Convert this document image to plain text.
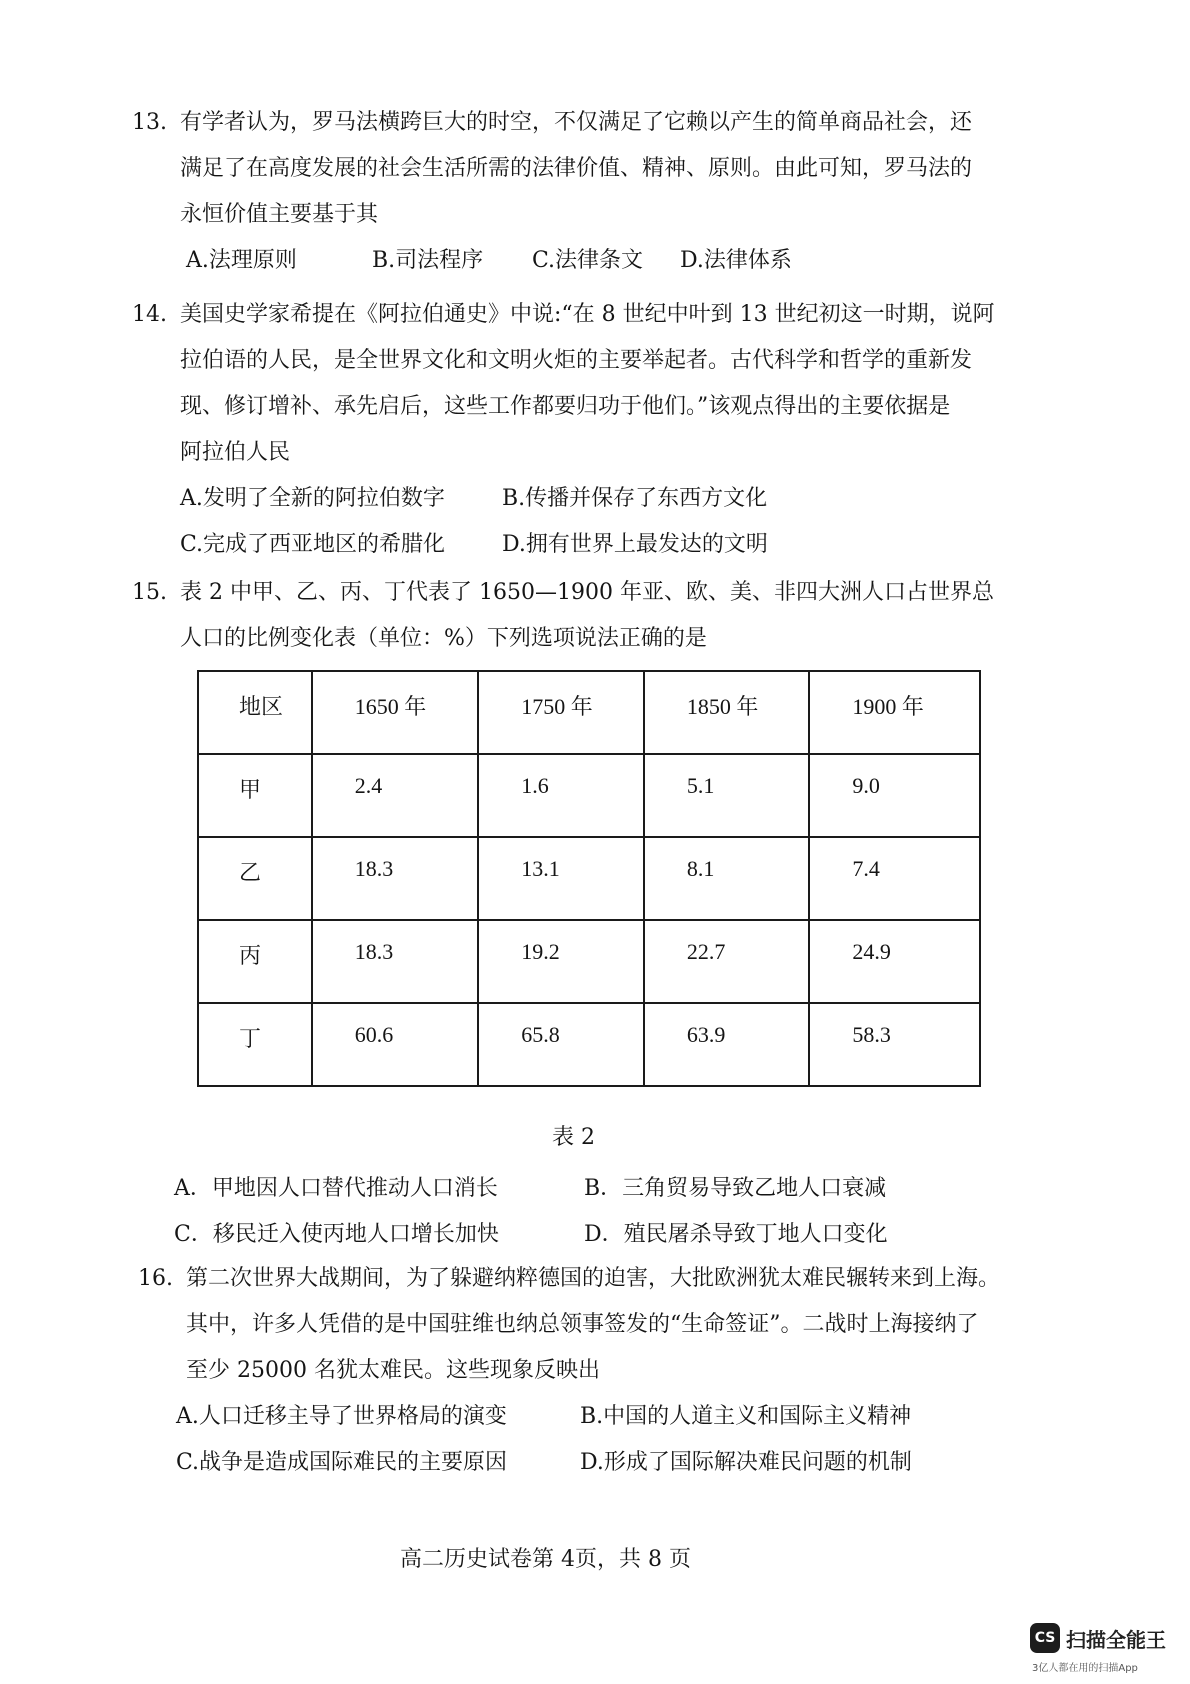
13. 有学者认为，罗马法横跨巨大的时空，不仅满足了它赖以产生的简单商品社会，还
满足了在高度发展的社会生活所需的法律价值、精神、原则。由此可知，罗马法的
永恒价值主要基于其
A.法理原则	B.司法程序 C.法律条文 D.法律体系
14. 美国史学家希提在《阿拉伯通史》中说:“在 8 世纪中叶到 13 世纪初这一时期，说阿
拉伯语的人民，是全世界文化和文明火炬的主要举起者。古代科学和哲学的重新发
现、修订增补、承先启后，这些工作都要归功于他们。”该观点得出的主要依据是
阿拉伯人民
A.发明了全新的阿拉伯数字	B.传播并保存了东西方文化
C.完成了西亚地区的希腊化	D.拥有世界上最发达的文明
15. 表 2 中甲、乙、丙、丁代表了 1650—1900 年亚、欧、美、非四大洲人口占世界总
人口的比例变化表（单位：%）下列选项说法正确的是
地区	1650 年	1750 年	1850 年	1900 年

甲	2.4	1.6	5.1	9.0

乙	18.3	13.1	8.1	7.4

丙	18.3	19.2	22.7	24.9

丁	60.6	65.8	63.9	58.3
表 2
A．甲地因人口替代推动人口消长	B．三角贸易导致乙地人口衰减
C．移民迁入使丙地人口增长加快	D．殖民屠杀导致丁地人口变化
16. 第二次世界大战期间，为了躲避纳粹德国的迫害，大批欧洲犹太难民辗转来到上海。
其中，许多人凭借的是中国驻维也纳总领事签发的“生命签证”。二战时上海接纳了
至少 25000 名犹太难民。这些现象反映出
A.人口迁移主导了世界格局的演变	B.中国的人道主义和国际主义精神
C.战争是造成国际难民的主要原因	D.形成了国际解决难民问题的机制
高二历史试卷第 4页，共 8 页
CS 扫描全能王
3亿人都在用的扫描App
